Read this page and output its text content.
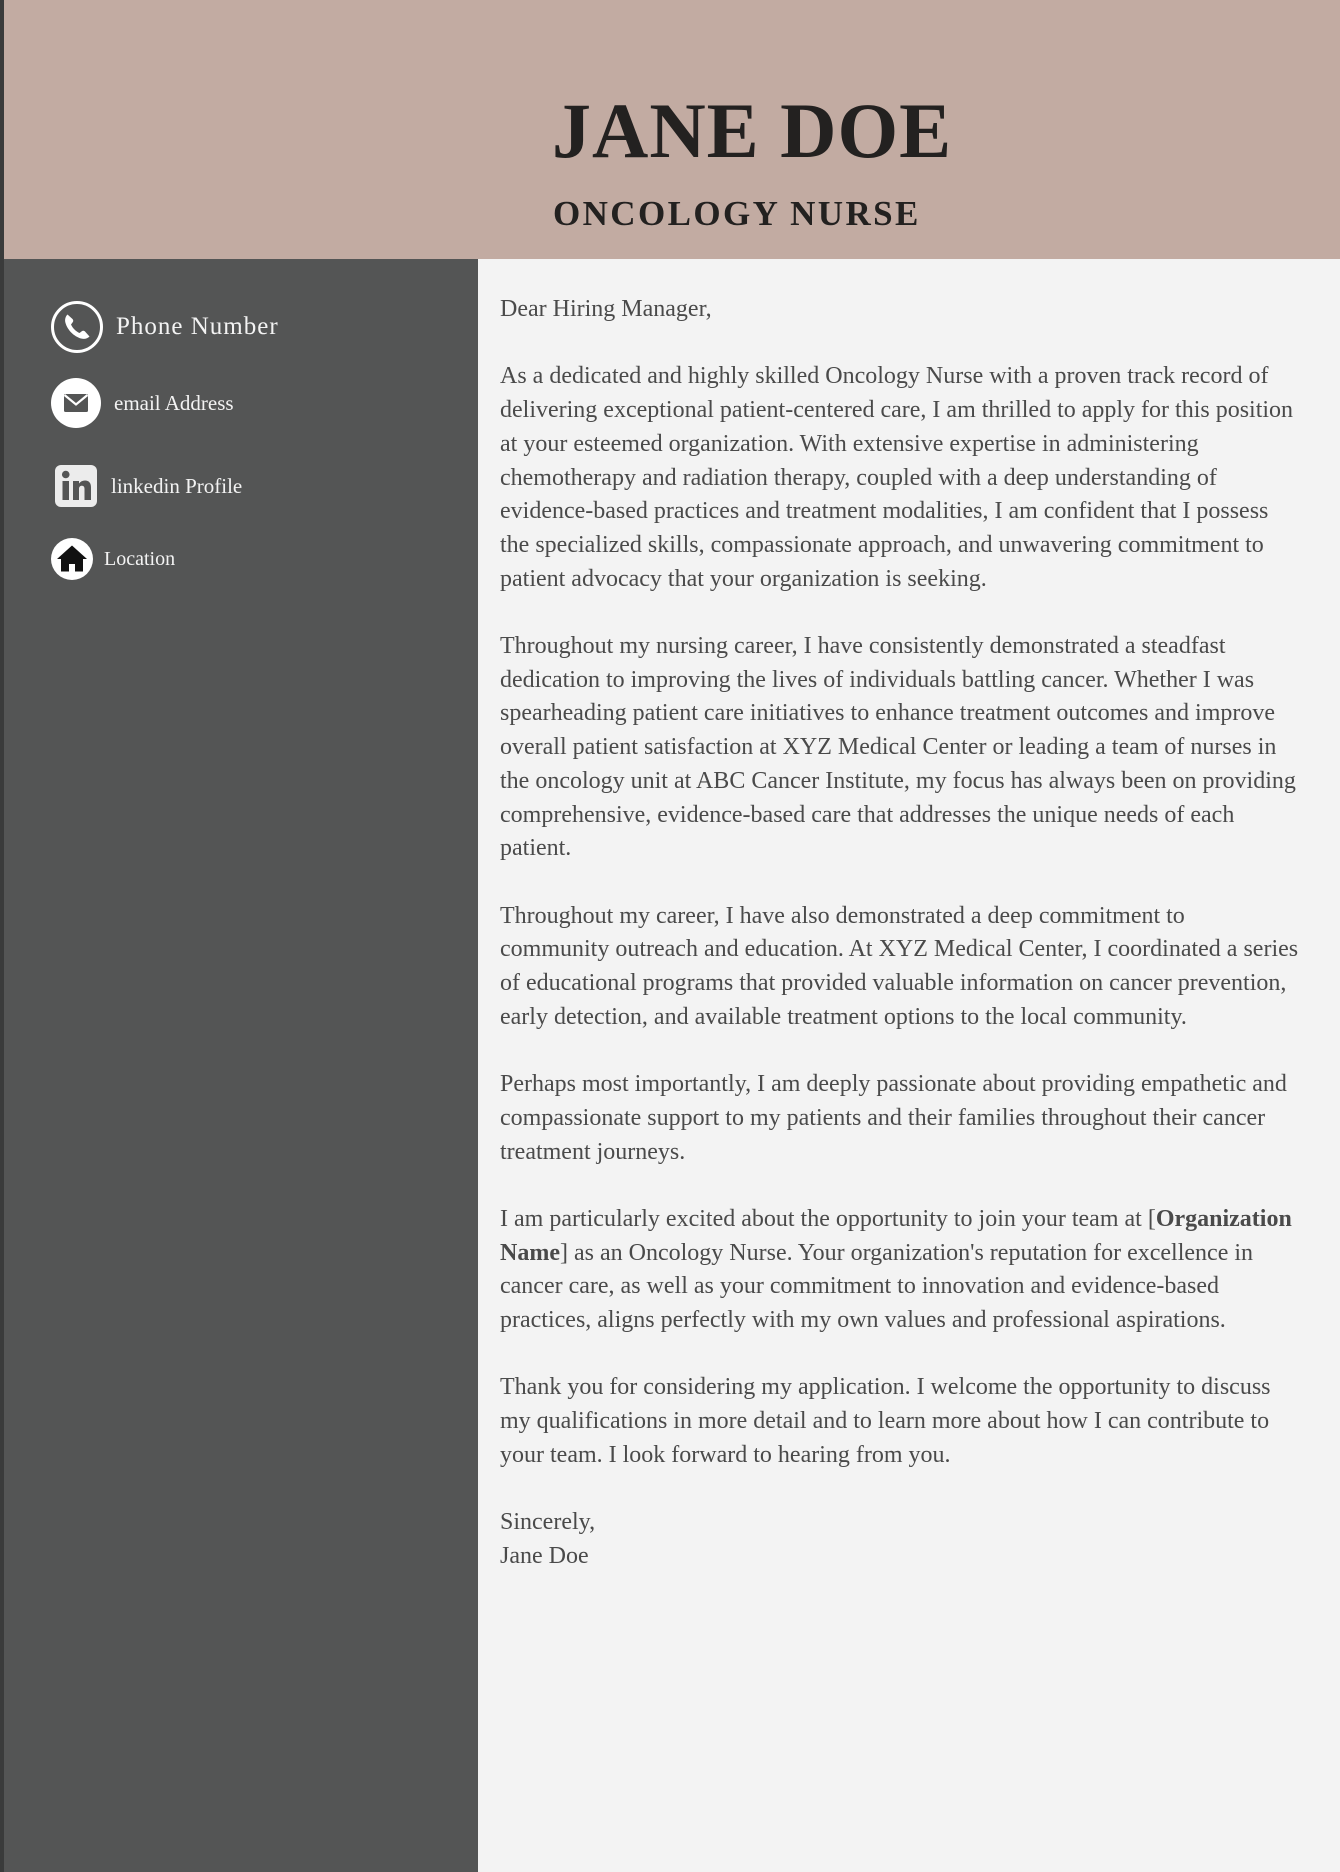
JANE DOE
ONCOLOGY NURSE
Phone Number
email Address
linkedin Profile
Location

Dear Hiring Manager,

As a dedicated and highly skilled Oncology Nurse with a proven track record of delivering exceptional patient-centered care, I am thrilled to apply for this position at your esteemed organization. With extensive expertise in administering chemotherapy and radiation therapy, coupled with a deep understanding of evidence-based practices and treatment modalities, I am confident that I possess the specialized skills, compassionate approach, and unwavering commitment to patient advocacy that your organization is seeking.

Throughout my nursing career, I have consistently demonstrated a steadfast dedication to improving the lives of individuals battling cancer. Whether I was spearheading patient care initiatives to enhance treatment outcomes and improve overall patient satisfaction at XYZ Medical Center or leading a team of nurses in the oncology unit at ABC Cancer Institute, my focus has always been on providing comprehensive, evidence-based care that addresses the unique needs of each patient.

Throughout my career, I have also demonstrated a deep commitment to community outreach and education. At XYZ Medical Center, I coordinated a series of educational programs that provided valuable information on cancer prevention, early detection, and available treatment options to the local community.

Perhaps most importantly, I am deeply passionate about providing empathetic and compassionate support to my patients and their families throughout their cancer treatment journeys.

I am particularly excited about the opportunity to join your team at [Organization Name] as an Oncology Nurse. Your organization's reputation for excellence in cancer care, as well as your commitment to innovation and evidence-based practices, aligns perfectly with my own values and professional aspirations.

Thank you for considering my application. I welcome the opportunity to discuss my qualifications in more detail and to learn more about how I can contribute to your team. I look forward to hearing from you.

Sincerely,
Jane Doe
